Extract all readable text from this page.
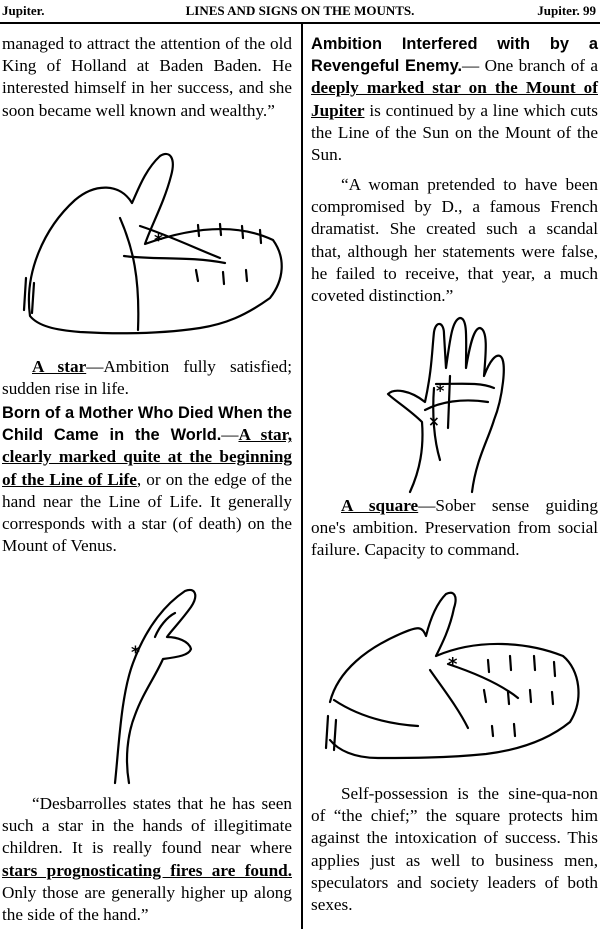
Jupiter.	LINES AND SIGNS ON THE MOUNTS.	Jupiter. 99

managed to attract the attention of the old King of Holland at Baden Baden. He interested himself in her success, and she soon became well known and wealthy.”

*

A star—Ambition fully satisfied; sudden rise in life.

Born of a Mother Who Died When the Child Came in the World.—A star, clearly marked quite at the beginning of the Line of Life, or on the edge of the hand near the Line of Life. It generally corresponds with a star (of death) on the Mount of Venus.

*

“Desbarrolles states that he has seen such a star in the hands of illegitimate children. It is really found near where stars prognosticating fires are found. Only those are generally higher up along the side of the hand.”

Ambition Interfered with by a Revengeful Enemy.— One branch of a deeply marked star on the Mount of Jupiter is continued by a line which cuts the Line of the Sun on the Mount of the Sun.

“A woman pretended to have been compromised by D., a famous French dramatist. She created such a scandal that, although her statements were false, he failed to receive, that year, a much coveted distinction.”

*
×

A square—Sober sense guiding one's ambition. Preservation from social failure. Capacity to command.

*

Self-possession is the sine-qua-non of “the chief;” the square protects him against the intoxication of success. This applies just as well to business men, speculators and society leaders of both sexes.
